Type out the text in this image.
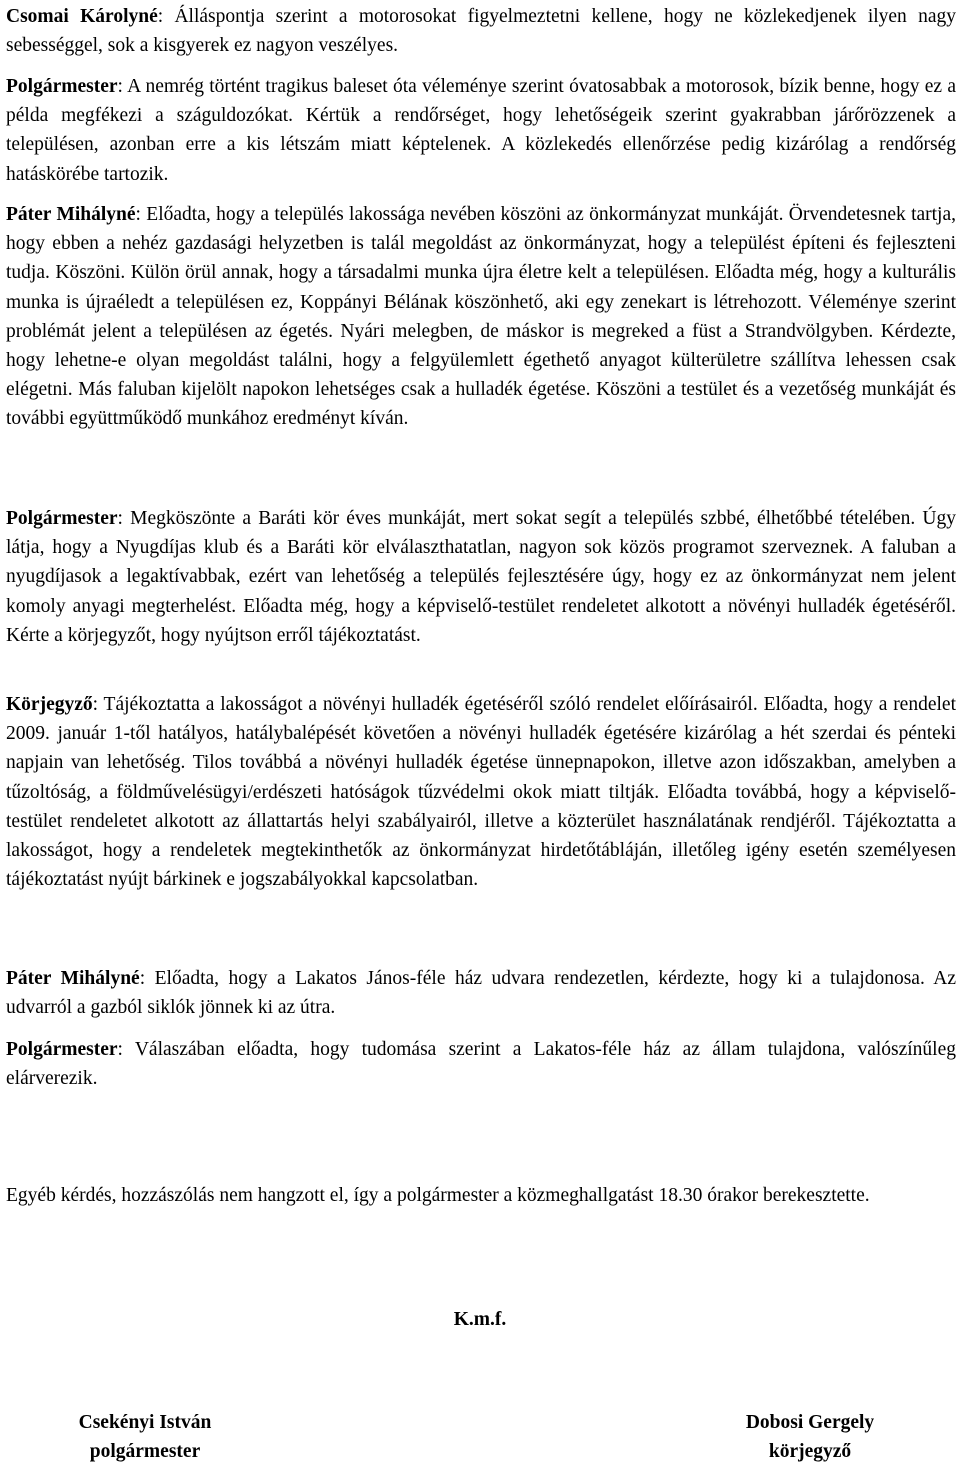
Csomai Károlyné: Álláspontja szerint a motorosokat figyelmeztetni kellene, hogy ne közlekedjenek ilyen nagy sebességgel, sok a kisgyerek ez nagyon veszélyes.

Polgármester: A nemrég történt tragikus baleset óta véleménye szerint óvatosabbak a motorosok, bízik benne, hogy ez a példa megfékezi a száguldozókat. Kértük a rendőrséget, hogy lehetőségeik szerint gyakrabban járőrözzenek a településen, azonban erre a kis létszám miatt képtelenek. A közlekedés ellenőrzése pedig kizárólag a rendőrség hatáskörébe tartozik.

Páter Mihályné: Előadta, hogy a település lakossága nevében köszöni az önkormányzat munkáját. Örvendetesnek tartja, hogy ebben a nehéz gazdasági helyzetben is talál megoldást az önkormányzat, hogy a települést építeni és fejleszteni tudja. Köszöni. Külön örül annak, hogy a társadalmi munka újra életre kelt a településen. Előadta még, hogy a kulturális munka is újraéledt a településen ez, Koppányi Bélának köszönhető, aki egy zenekart is létrehozott. Véleménye szerint problémát jelent a településen az égetés. Nyári melegben, de máskor is megreked a füst a Strandvölgyben. Kérdezte, hogy lehetne-e olyan megoldást találni, hogy a felgyülemlett égethető anyagot külterületre szállítva lehessen csak elégetni. Más faluban kijelölt napokon lehetséges csak a hulladék égetése. Köszöni a testület és a vezetőség munkáját és további együttműködő munkához eredményt kíván.

Polgármester: Megköszönte a Baráti kör éves munkáját, mert sokat segít a település szbbé, élhetőbbé tételében. Úgy látja, hogy a Nyugdíjas klub és a Baráti kör elválaszthatatlan, nagyon sok közös programot szerveznek. A faluban a nyugdíjasok a legaktívabbak, ezért van lehetőség a település fejlesztésére úgy, hogy ez az önkormányzat nem jelent komoly anyagi megterhelést. Előadta még, hogy a képviselő-testület rendeletet alkotott a növényi hulladék égetéséről. Kérte a körjegyzőt, hogy nyújtson erről tájékoztatást.

Körjegyző: Tájékoztatta a lakosságot a növényi hulladék égetéséről szóló rendelet előírásairól. Előadta, hogy a rendelet 2009. január 1-től hatályos, hatálybalépését követően a növényi hulladék égetésére kizárólag a hét szerdai és pénteki napjain van lehetőség. Tilos továbbá a növényi hulladék égetése ünnepnapokon, illetve azon időszakban, amelyben a tűzoltóság, a földművelésügyi/erdészeti hatóságok tűzvédelmi okok miatt tiltják. Előadta továbbá, hogy a képviselő-testület rendeletet alkotott az állattartás helyi szabályairól, illetve a közterület használatának rendjéről. Tájékoztatta a lakosságot, hogy a rendeletek megtekinthetők az önkormányzat hirdetőtábláján, illetőleg igény esetén személyesen tájékoztatást nyújt bárkinek e jogszabályokkal kapcsolatban.

Páter Mihályné: Előadta, hogy a Lakatos János-féle ház udvara rendezetlen, kérdezte, hogy ki a tulajdonosa. Az udvarról a gazból siklók jönnek ki az útra.

Polgármester: Válaszában előadta, hogy tudomása szerint a Lakatos-féle ház az állam tulajdona, valószínűleg elárverezik.

Egyéb kérdés, hozzászólás nem hangzott el, így a polgármester a közmeghallgatást 18.30 órakor berekesztette.

K.m.f.
Csekényi István
polgármester
Dobosi Gergely
körjegyző
